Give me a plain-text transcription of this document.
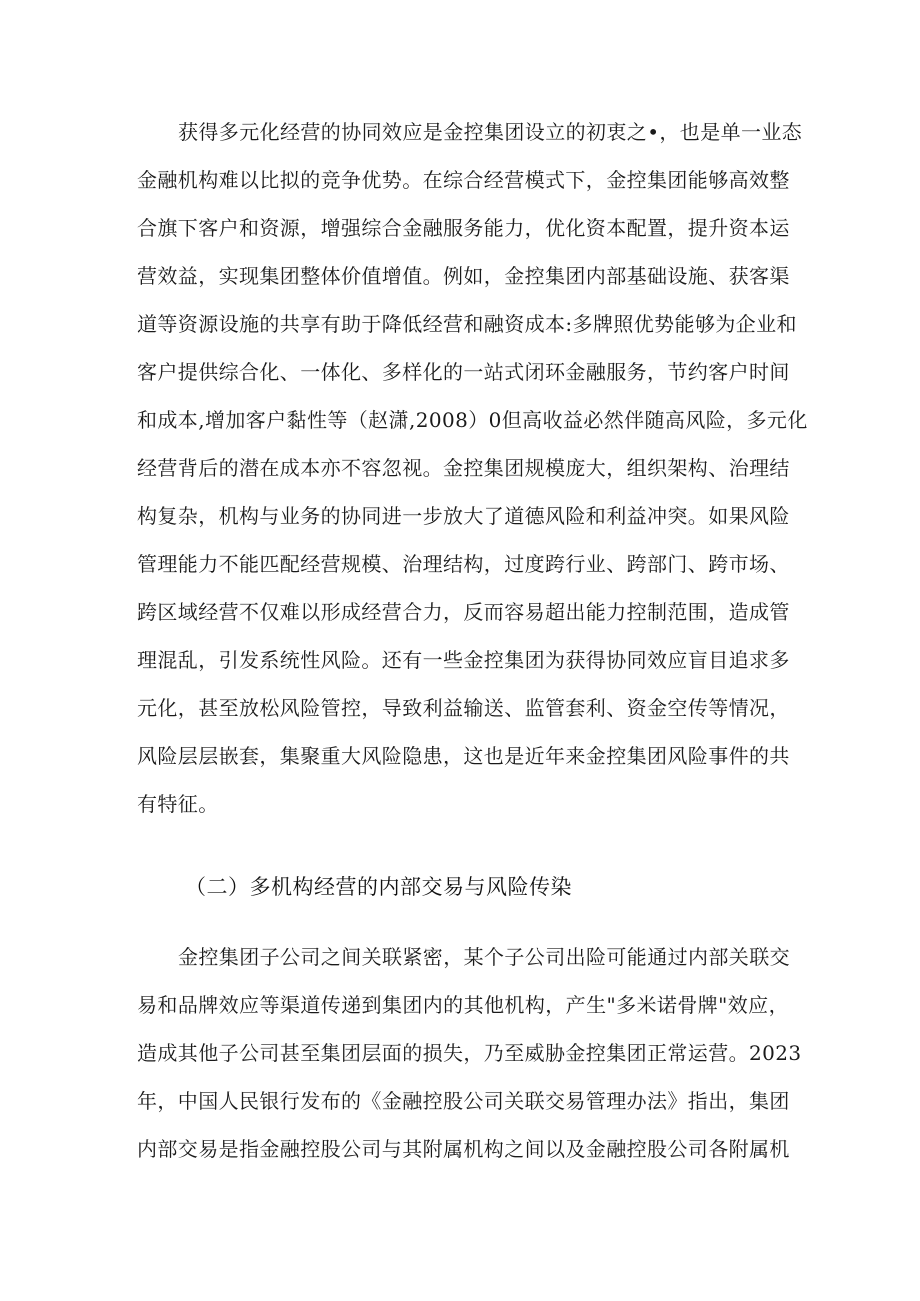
获得多元化经营的协同效应是金控集团设立的初衷之•，也是单一业态
金融机构难以比拟的竞争优势。在综合经营模式下，金控集团能够高效整
合旗下客户和资源，增强综合金融服务能力，优化资本配置，提升资本运
营效益，实现集团整体价值增值。例如，金控集团内部基础设施、获客渠
道等资源设施的共享有助于降低经营和融资成本:多牌照优势能够为企业和
客户提供综合化、一体化、多样化的一站式闭环金融服务，节约客户时间
和成本,增加客户黏性等（赵潇,2008）0但高收益必然伴随高风险，多元化
经营背后的潜在成本亦不容忽视。金控集团规模庞大，组织架构、治理结
构复杂，机构与业务的协同进一步放大了道德风险和利益冲突。如果风险
管理能力不能匹配经营规模、治理结构，过度跨行业、跨部门、跨市场、
跨区域经营不仅难以形成经营合力，反而容易超出能力控制范围，造成管
理混乱，引发系统性风险。还有一些金控集团为获得协同效应盲目追求多
元化，甚至放松风险管控，导致利益输送、监管套利、资金空传等情况，
风险层层嵌套，集聚重大风险隐患，这也是近年来金控集团风险事件的共
有特征。
（二）多机构经营的内部交易与风险传染
金控集团子公司之间关联紧密，某个子公司出险可能通过内部关联交
易和品牌效应等渠道传递到集团内的其他机构，产生"多米诺骨牌"效应，
造成其他子公司甚至集团层面的损失，乃至威胁金控集团正常运营。2023
年，中国人民银行发布的《金融控股公司关联交易管理办法》指出，集团
内部交易是指金融控股公司与其附属机构之间以及金融控股公司各附属机
